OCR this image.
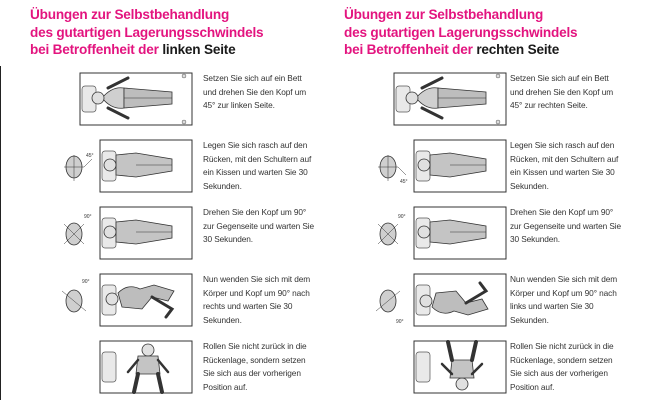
Übungen zur Selbstbehandlung
des gutartigen Lagerungsschwindels
bei Betroffenheit der linken Seite
Setzen Sie sich auf ein Bett und drehen Sie den Kopf um 45° zur linken Seite.
45°
Legen Sie sich rasch auf den Rücken, mit den Schultern auf ein Kissen und warten Sie 30 Sekunden.
90°	Drehen Sie den Kopf um 90° zur Gegenseite und warten Sie 30 Sekunden.
90°	Nun wenden Sie sich mit dem Körper und Kopf um 90° nach rechts und warten Sie 30 Sekunden.
Rollen Sie nicht zurück in die Rückenlage, sondern setzen Sie sich aus der vorherigen Position auf.
Übungen zur Selbstbehandlung
des gutartigen Lagerungsschwindels
bei Betroffenheit der rechten Seite
Setzen Sie sich auf ein Bett und drehen Sie den Kopf um 45° zur rechten Seite.
45°
Legen Sie sich rasch auf den Rücken, mit den Schultern auf ein Kissen und warten Sie 30 Sekunden.
90°	Drehen Sie den Kopf um 90° zur Gegenseite und warten Sie 30 Sekunden.
90°
Nun wenden Sie sich mit dem Körper und Kopf um 90° nach links und warten Sie 30 Sekunden.
Rollen Sie nicht zurück in die Rückenlage, sondern setzen Sie sich aus der vorherigen Position auf.
